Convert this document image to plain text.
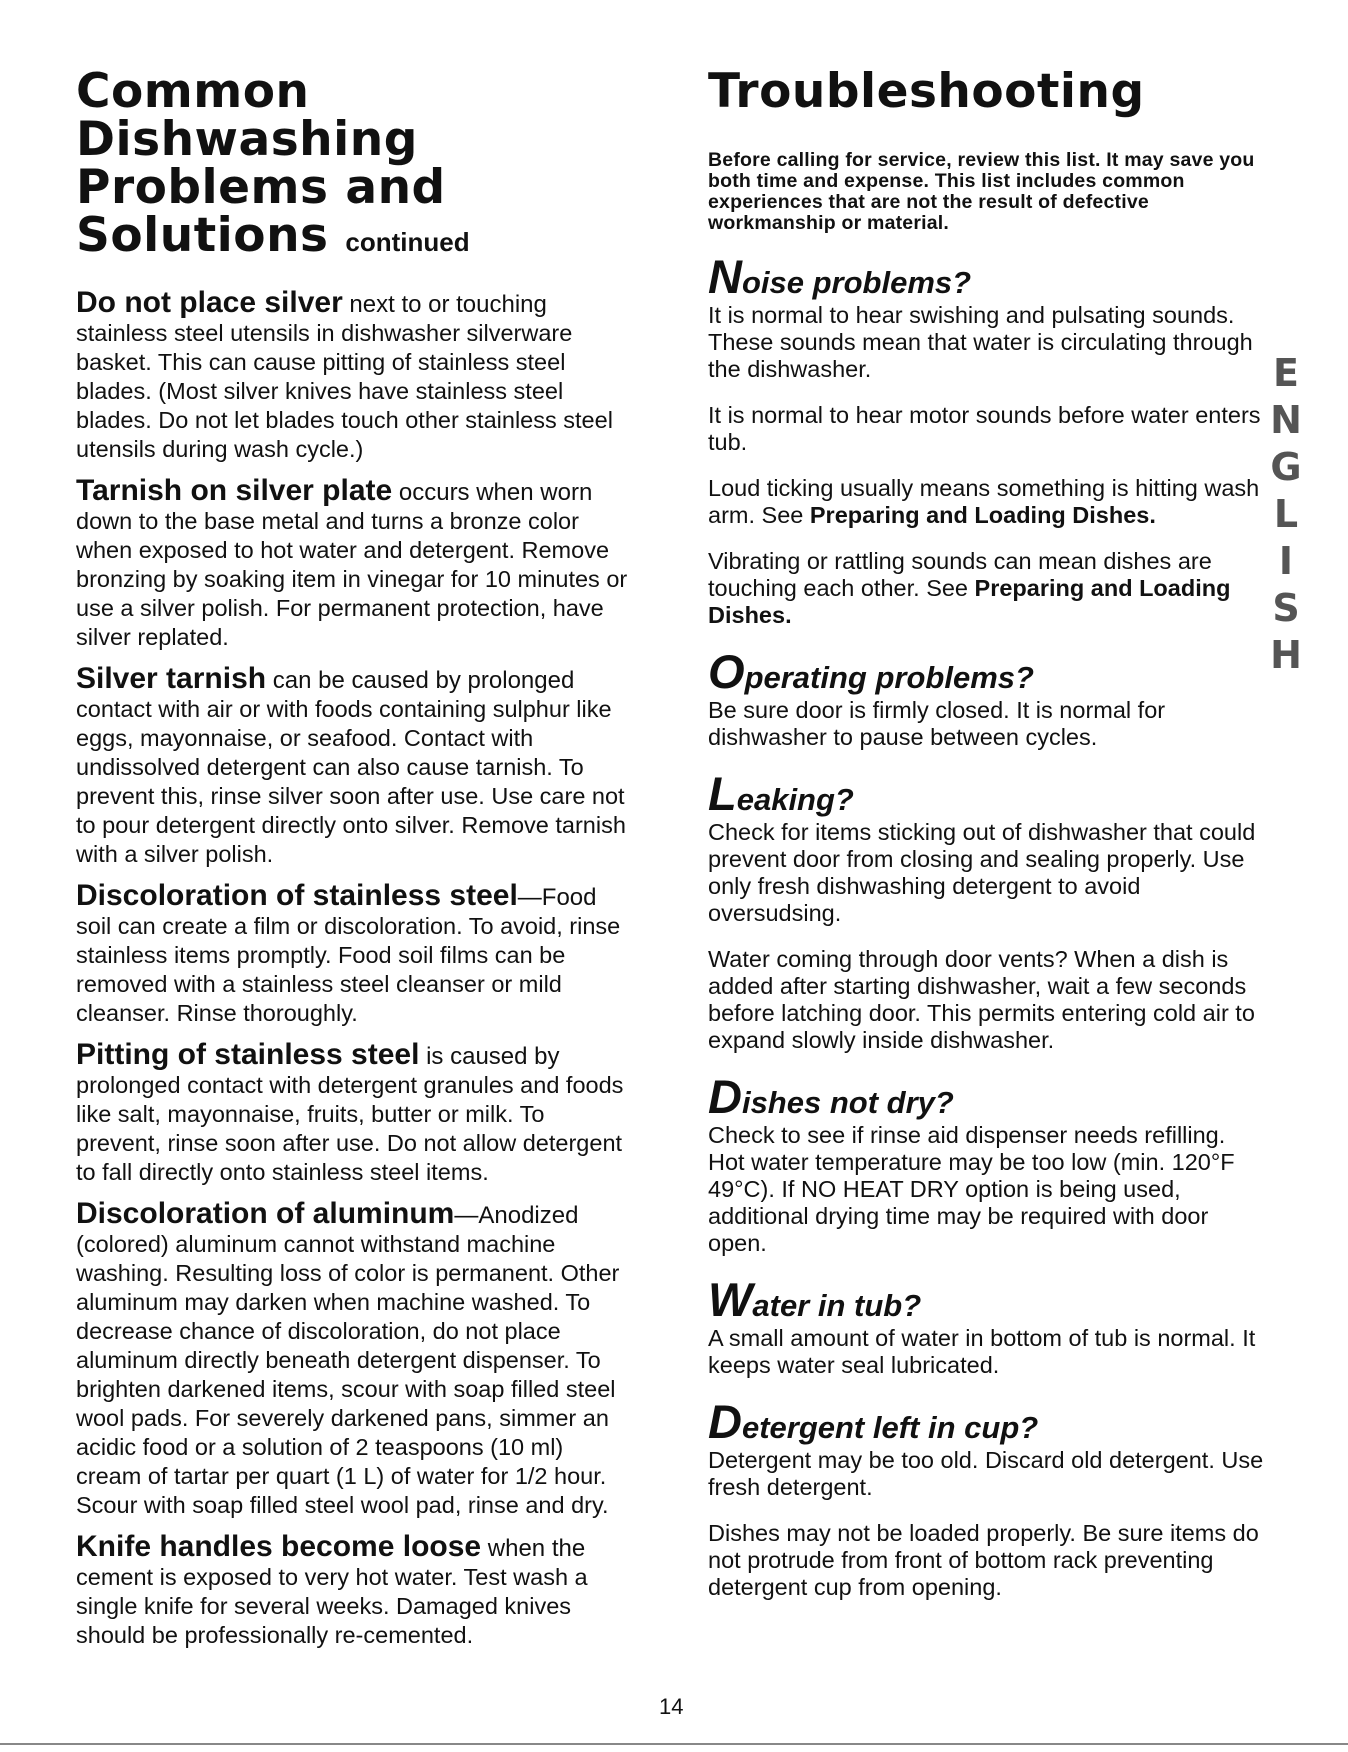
Common Dishwashing
Problems and
Solutions continued

Do not place silver next to or touching
stainless steel utensils in dishwasher silverware basket. This can cause pitting of stainless steel blades. (Most silver knives have stainless steel blades. Do not let blades touch other stainless steel utensils during wash cycle.)

Tarnish on silver plate occurs when worn
down to the base metal and turns a bronze color when exposed to hot water and detergent. Remove bronzing by soaking item in vinegar for 10 minutes or use a silver polish. For permanent protection, have silver replated.

Silver tarnish can be caused by prolonged
contact with air or with foods containing sulphur like eggs, mayonnaise, or seafood. Contact with undissolved detergent can also cause tarnish. To prevent this, rinse silver soon after use. Use care not to pour detergent directly onto silver. Remove tarnish with a silver polish.

Discoloration of stainless steel—Food
soil can create a film or discoloration. To avoid, rinse stainless items promptly. Food soil films can be removed with a stainless steel cleanser or mild cleanser. Rinse thoroughly.

Pitting of stainless steel is caused by
prolonged contact with detergent granules and foods like salt, mayonnaise, fruits, butter or milk. To prevent, rinse soon after use. Do not allow detergent to fall directly onto stainless steel items.

Discoloration of aluminum—Anodized
(colored) aluminum cannot withstand machine washing. Resulting loss of color is permanent. Other aluminum may darken when machine washed. To decrease chance of discoloration, do not place aluminum directly beneath detergent dispenser. To brighten darkened items, scour with soap filled steel wool pads. For severely darkened pans, simmer an acidic food or a solution of 2 teaspoons (10 ml) cream of tartar per quart (1 L) of water for 1/2 hour. Scour with soap filled steel wool pad, rinse and dry.

Knife handles become loose when the
cement is exposed to very hot water. Test wash a single knife for several weeks. Damaged knives should be professionally re-cemented.

Troubleshooting

Before calling for service, review this list. It may save you both time and expense. This list includes common experiences that are not the result of defective workmanship or material.

Noise problems?

It is normal to hear swishing and pulsating sounds. These sounds mean that water is circulating through the dishwasher.

It is normal to hear motor sounds before water enters tub.

Loud ticking usually means something is hitting wash arm. See Preparing and Loading Dishes.

Vibrating or rattling sounds can mean dishes are touching each other. See Preparing and Loading Dishes.

Operating problems?

Be sure door is firmly closed. It is normal for dishwasher to pause between cycles.

Leaking?

Check for items sticking out of dishwasher that could prevent door from closing and sealing properly. Use only fresh dishwashing detergent to avoid oversudsing.

Water coming through door vents? When a dish is added after starting dishwasher, wait a few seconds before latching door. This permits entering cold air to expand slowly inside dishwasher.

Dishes not dry?

Check to see if rinse aid dispenser needs refilling. Hot water temperature may be too low (min. 120°F 49°C). If NO HEAT DRY option is being used, additional drying time may be required with door open.

Water in tub?

A small amount of water in bottom of tub is normal. It keeps water seal lubricated.

Detergent left in cup?

Detergent may be too old. Discard old detergent. Use fresh detergent.

Dishes may not be loaded properly. Be sure items do not protrude from front of bottom rack preventing detergent cup from opening.

E
N
G
L
I
S
H
14
